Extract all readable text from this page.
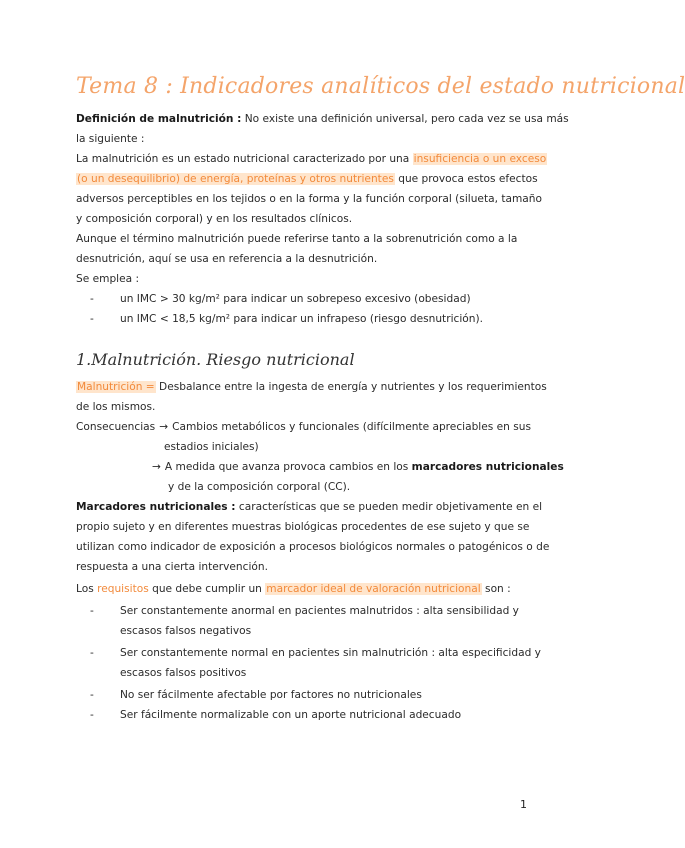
Tema 8 : Indicadores analíticos del estado nutricional
Definición de malnutrición : No existe una definición universal, pero cada vez se usa más
la siguiente :
La malnutrición es un estado nutricional caracterizado por una insuficiencia o un exceso
(o un desequilibrio) de energía, proteínas y otros nutrientes que provoca estos efectos
adversos perceptibles en los tejidos o en la forma y la función corporal (silueta, tamaño
y composición corporal) y en los resultados clínicos.
Aunque el término malnutrición puede referirse tanto a la sobrenutrición como a la
desnutrición, aquí se usa en referencia a la desnutrición.
Se emplea :
- un IMC > 30 kg/m² para indicar un sobrepeso excesivo (obesidad)
- un IMC < 18,5 kg/m² para indicar un infrapeso (riesgo desnutrición).
1.Malnutrición. Riesgo nutricional
Malnutrición = Desbalance entre la ingesta de energía y nutrientes y los requerimientos
de los mismos.
Consecuencias → Cambios metabólicos y funcionales (difícilmente apreciables en sus
estadios iniciales)
→ A medida que avanza provoca cambios en los marcadores nutricionales
y de la composición corporal (CC).
Marcadores nutricionales : características que se pueden medir objetivamente en el
propio sujeto y en diferentes muestras biológicas procedentes de ese sujeto y que se
utilizan como indicador de exposición a procesos biológicos normales o patogénicos o de
respuesta a una cierta intervención.
Los requisitos que debe cumplir un marcador ideal de valoración nutricional son :
- Ser constantemente anormal en pacientes malnutridos : alta sensibilidad y
escasos falsos negativos
- Ser constantemente normal en pacientes sin malnutrición : alta especificidad y
escasos falsos positivos
- No ser fácilmente afectable por factores no nutricionales
- Ser fácilmente normalizable con un aporte nutricional adecuado
1
